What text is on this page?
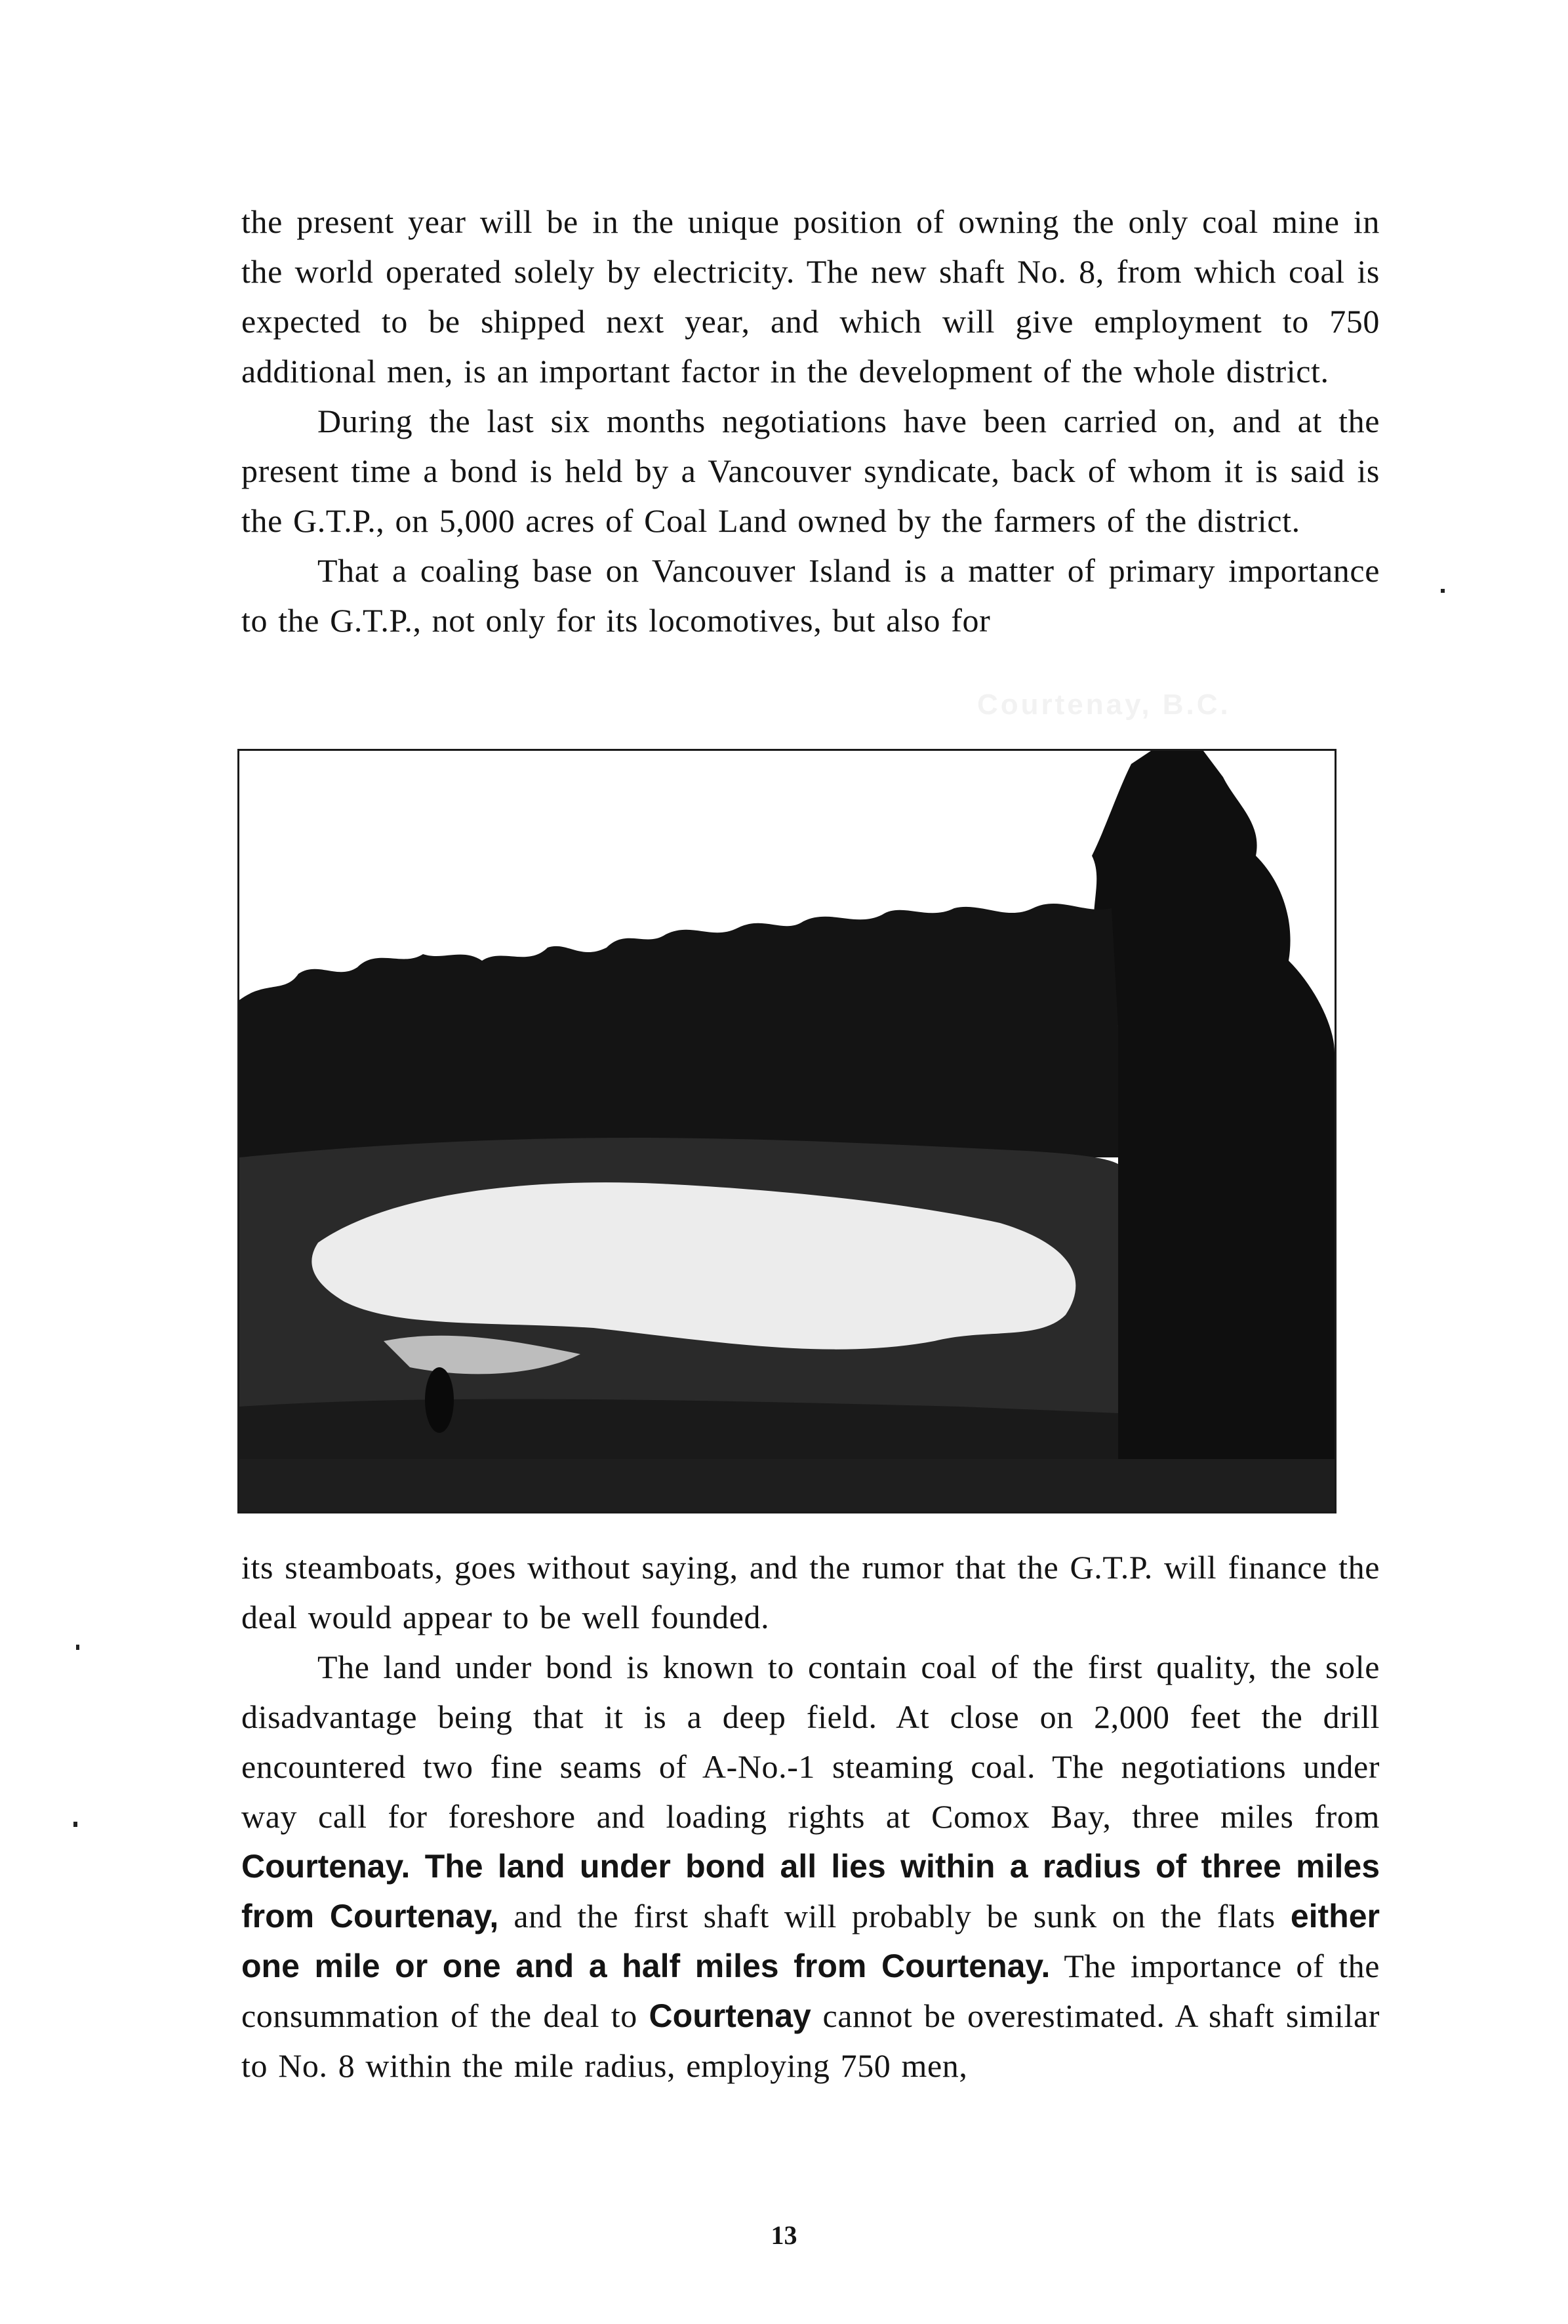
the present year will be in the unique position of owning the only coal mine in the world operated solely by electricity. The new shaft No. 8, from which coal is expected to be shipped next year, and which will give employment to 750 additional men, is an important factor in the development of the whole district.

During the last six months negotiations have been carried on, and at the present time a bond is held by a Vancouver syndicate, back of whom it is said is the G.T.P., on 5,000 acres of Coal Land owned by the farmers of the district.

That a coaling base on Vancouver Island is a matter of primary importance to the G.T.P., not only for its locomotives, but also for

Courtenay, B.C.

its steamboats, goes without saying, and the rumor that the G.T.P. will finance the deal would appear to be well founded.

The land under bond is known to contain coal of the first quality, the sole disadvantage being that it is a deep field. At close on 2,000 feet the drill encountered two fine seams of A-No.-1 steaming coal. The negotiations under way call for foreshore and loading rights at Comox Bay, three miles from Courtenay. The land under bond all lies within a radius of three miles from Courtenay, and the first shaft will probably be sunk on the flats either one mile or one and a half miles from Courtenay. The importance of the consummation of the deal to Courtenay cannot be overestimated. A shaft similar to No. 8 within the mile radius, employing 750 men,

13
